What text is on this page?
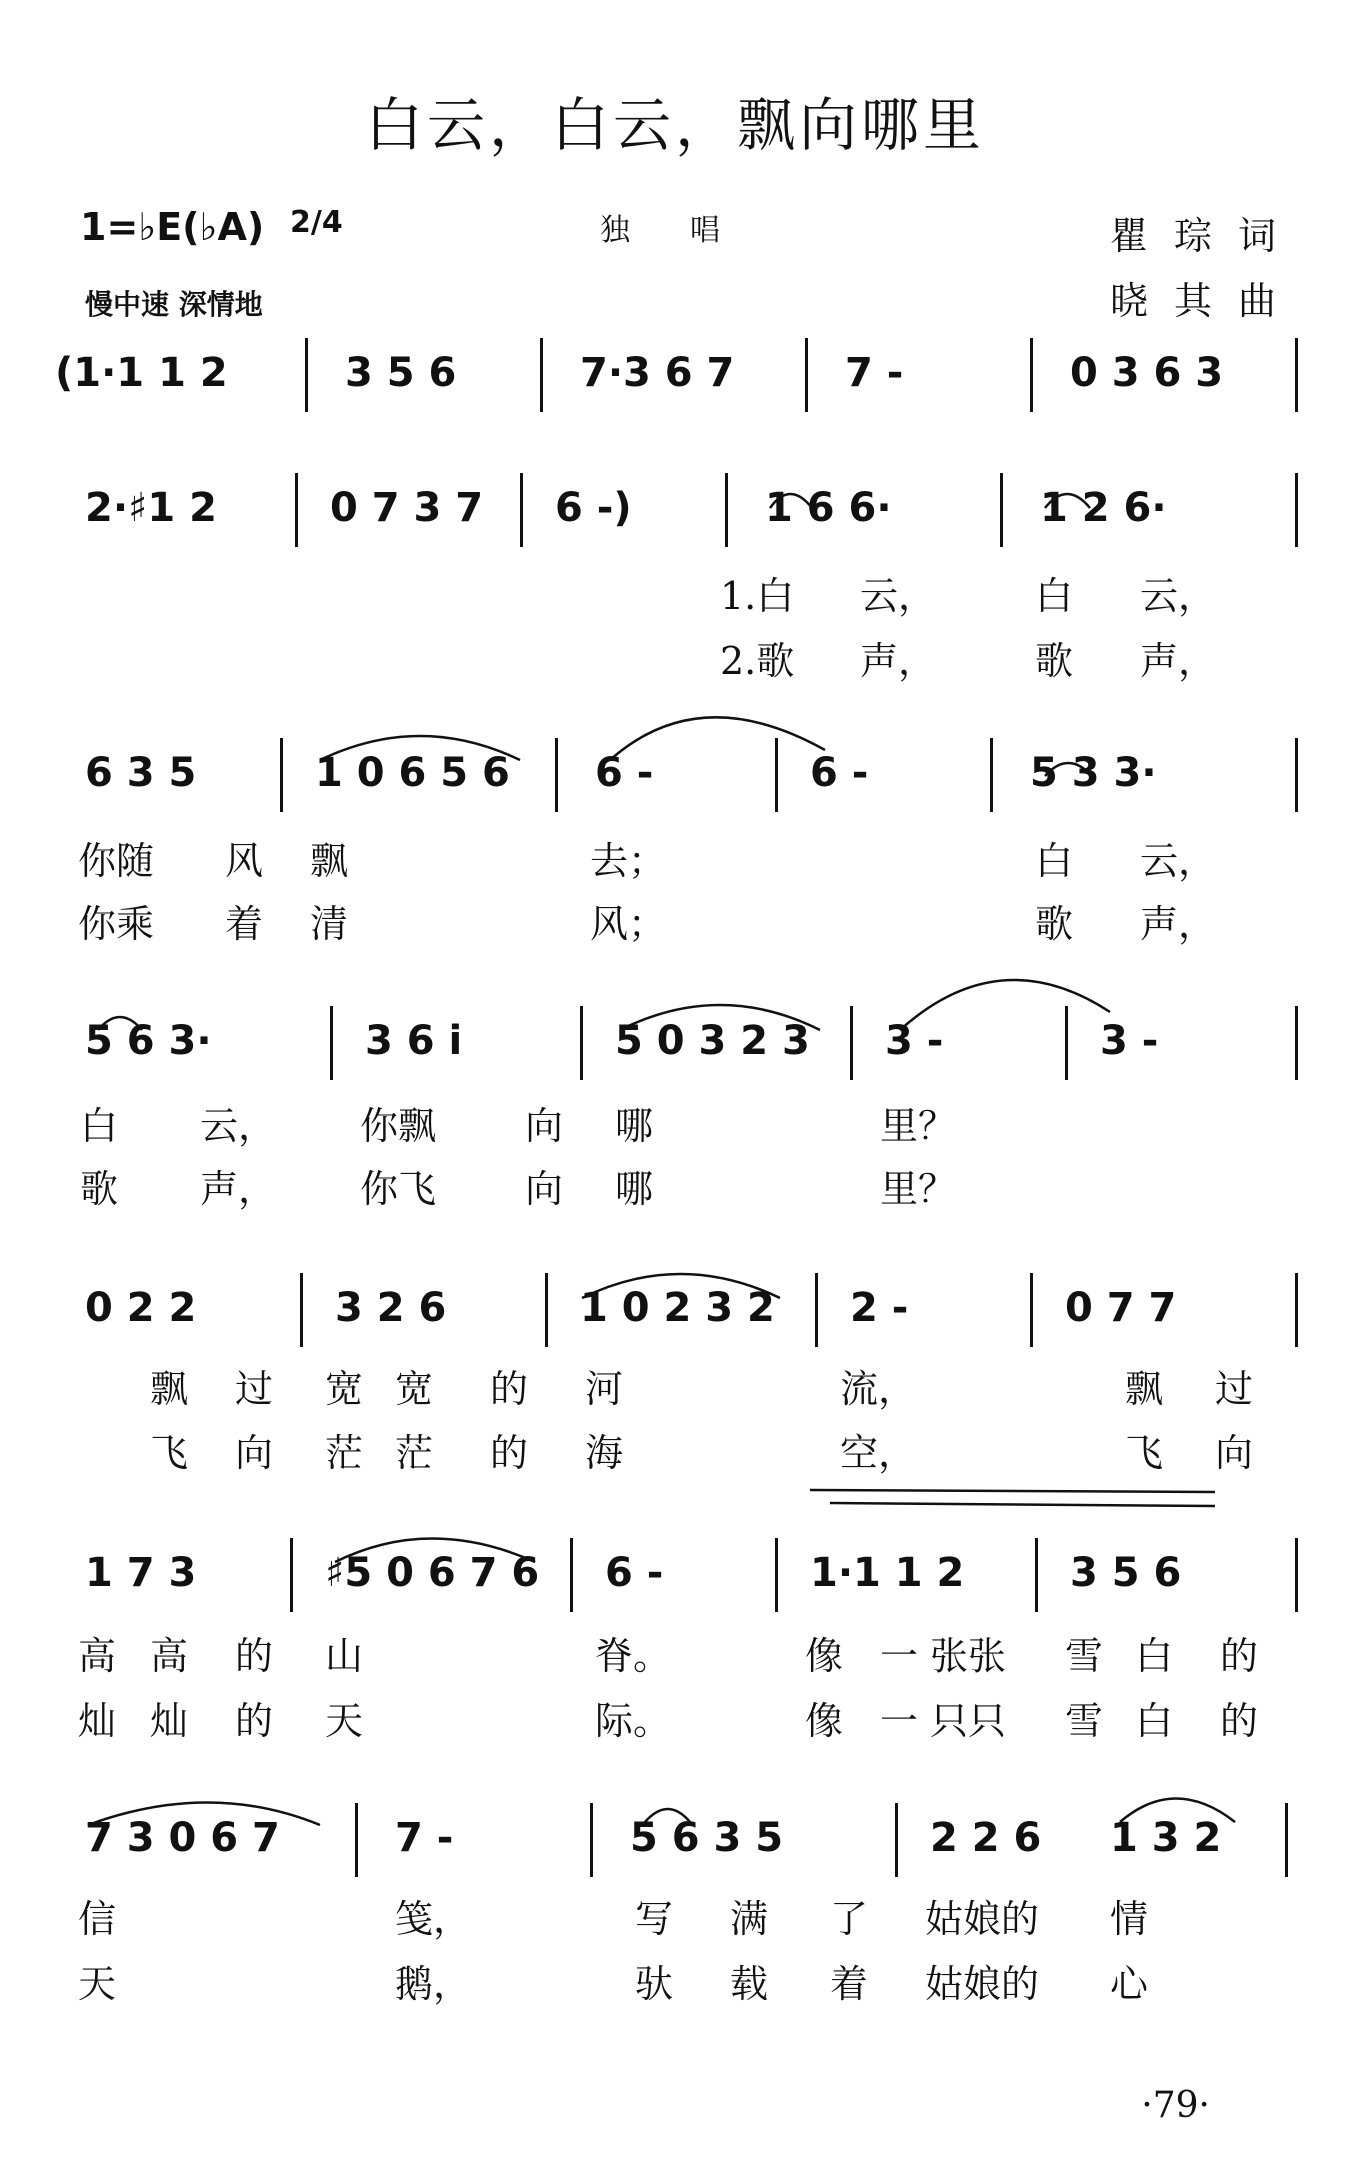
白云，白云，飘向哪里
1=♭E(♭A) 2/4
慢中速 深情地
独唱	瞿琮词
晓其曲
(1·1 1 2	3 5 6	7·3 6 7	7 -	0 3 6 3
2·♯1 2	0 7 3 7 6 -)	1 6 6·	1 2 6·
1.白 云，	白 云，
2.歌 声，	歌 声，
6 3 5	1 0 6 5 6 6 -	6 -	5 3 3·
你随 风 飘	去；	白 云，
你乘 着 清	风；	歌 声，
5 6 3·	3 6 i	5 0 3 2 3 3 -	3 -
白 云， 你飘 向 哪	里？
歌 声， 你飞 向 哪	里？
0 2 2	3 2 6	1 0 2 3 2 2 -	0 7 7
飘 过 宽 宽 的 河	流，	飘 过
飞 向 茫 茫 的 海	空，	飞 向
1 7 3	♯5 0 6 7 6 6 -	1·1 1 2	3 5 6
高 高 的 山	脊。	像 一 张张 雪 白 的
灿 灿 的 天	际。	像 一 只只 雪 白 的
7 3 0 6 7	7 -	5 6 3 5	2 2 6 1 3 2
信	笺，	写 满 了 姑娘的 情
天	鹅，	驮 载 着 姑娘的 心
·79·
